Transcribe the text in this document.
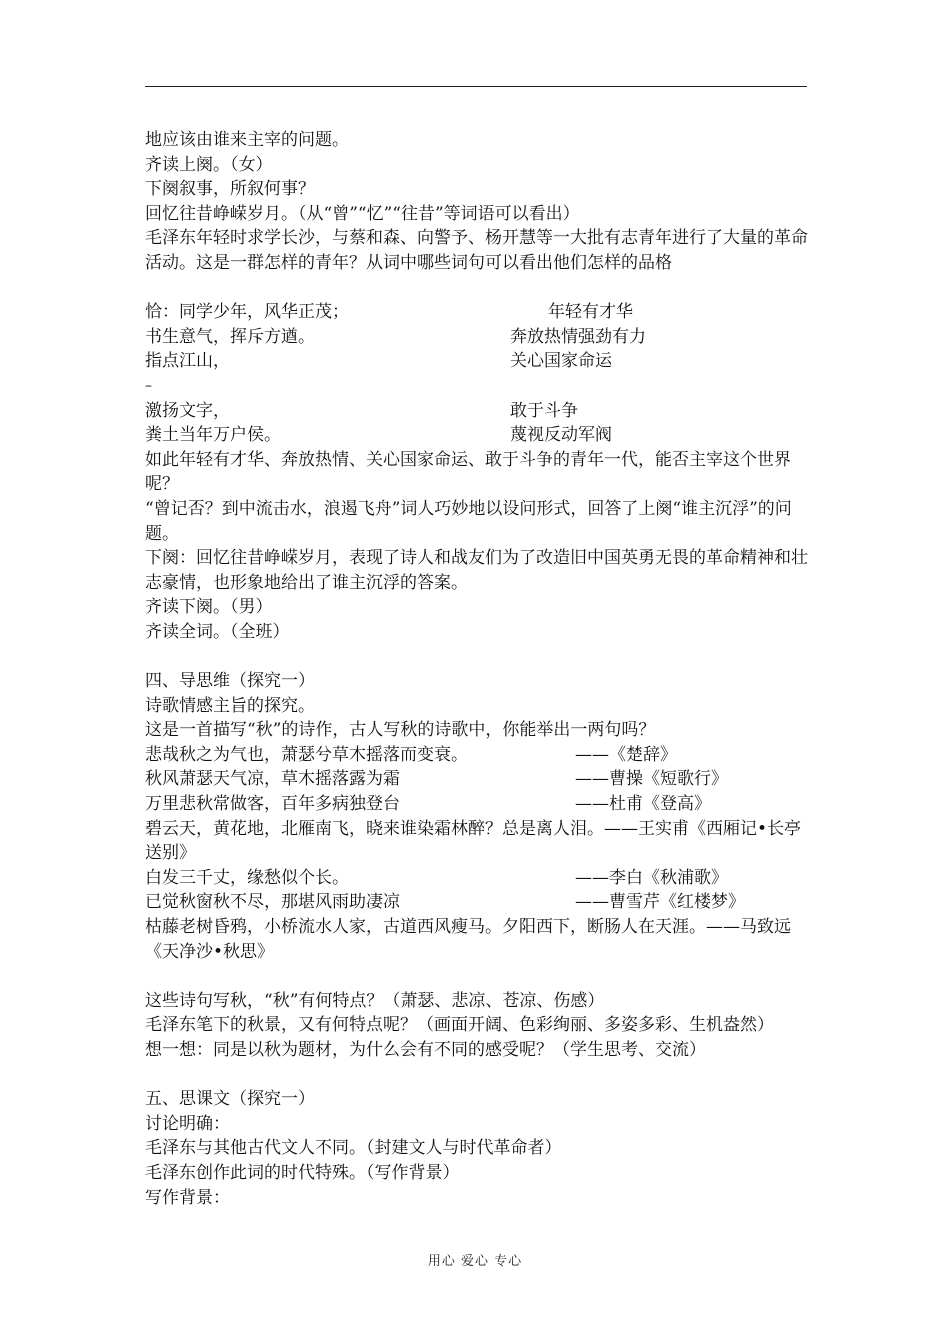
地应该由谁来主宰的问题。
齐读上阕。（女）
下阕叙事，所叙何事？
回忆往昔峥嵘岁月。（从“曾”“忆”“往昔”等词语可以看出）
毛泽东年轻时求学长沙，与蔡和森、向警予、杨开慧等一大批有志青年进行了大量的革命活动。这是一群怎样的青年？从词中哪些词句可以看出他们怎样的品格
恰：同学少年，风华正茂；	年轻有才华
书生意气，挥斥方遒。	奔放热情强劲有力
指点江山，	关心国家命运
–
激扬文字，	敢于斗争
粪土当年万户侯。	蔑视反动军阀
如此年轻有才华、奔放热情、关心国家命运、敢于斗争的青年一代，能否主宰这个世界呢？
“曾记否？到中流击水，浪遏飞舟”词人巧妙地以设问形式，回答了上阕“谁主沉浮”的问题。
下阕：回忆往昔峥嵘岁月，表现了诗人和战友们为了改造旧中国英勇无畏的革命精神和壮志豪情，也形象地给出了谁主沉浮的答案。
齐读下阕。（男）
齐读全词。（全班）
四、导思维（探究一）
诗歌情感主旨的探究。
这是一首描写“秋”的诗作，古人写秋的诗歌中，你能举出一两句吗？
悲哉秋之为气也，萧瑟兮草木摇落而变衰。	——《楚辞》
秋风萧瑟天气凉，草木摇落露为霜	——曹操《短歌行》
万里悲秋常做客，百年多病独登台	——杜甫《登高》
碧云天，黄花地，北雁南飞，晓来谁染霜林醉？总是离人泪。——王实甫《西厢记•长亭送别》
白发三千丈，缘愁似个长。	——李白《秋浦歌》
已觉秋窗秋不尽，那堪风雨助凄凉	——曹雪芹《红楼梦》
枯藤老树昏鸦，小桥流水人家，古道西风瘦马。夕阳西下，断肠人在天涯。——马致远《天净沙•秋思》
这些诗句写秋，“秋”有何特点？（萧瑟、悲凉、苍凉、伤感）
毛泽东笔下的秋景，又有何特点呢？（画面开阔、色彩绚丽、多姿多彩、生机盎然）
想一想：同是以秋为题材，为什么会有不同的感受呢？（学生思考、交流）
五、思课文（探究一）
讨论明确：
毛泽东与其他古代文人不同。（封建文人与时代革命者）
毛泽东创作此词的时代特殊。（写作背景）
写作背景：
用心 爱心 专心
